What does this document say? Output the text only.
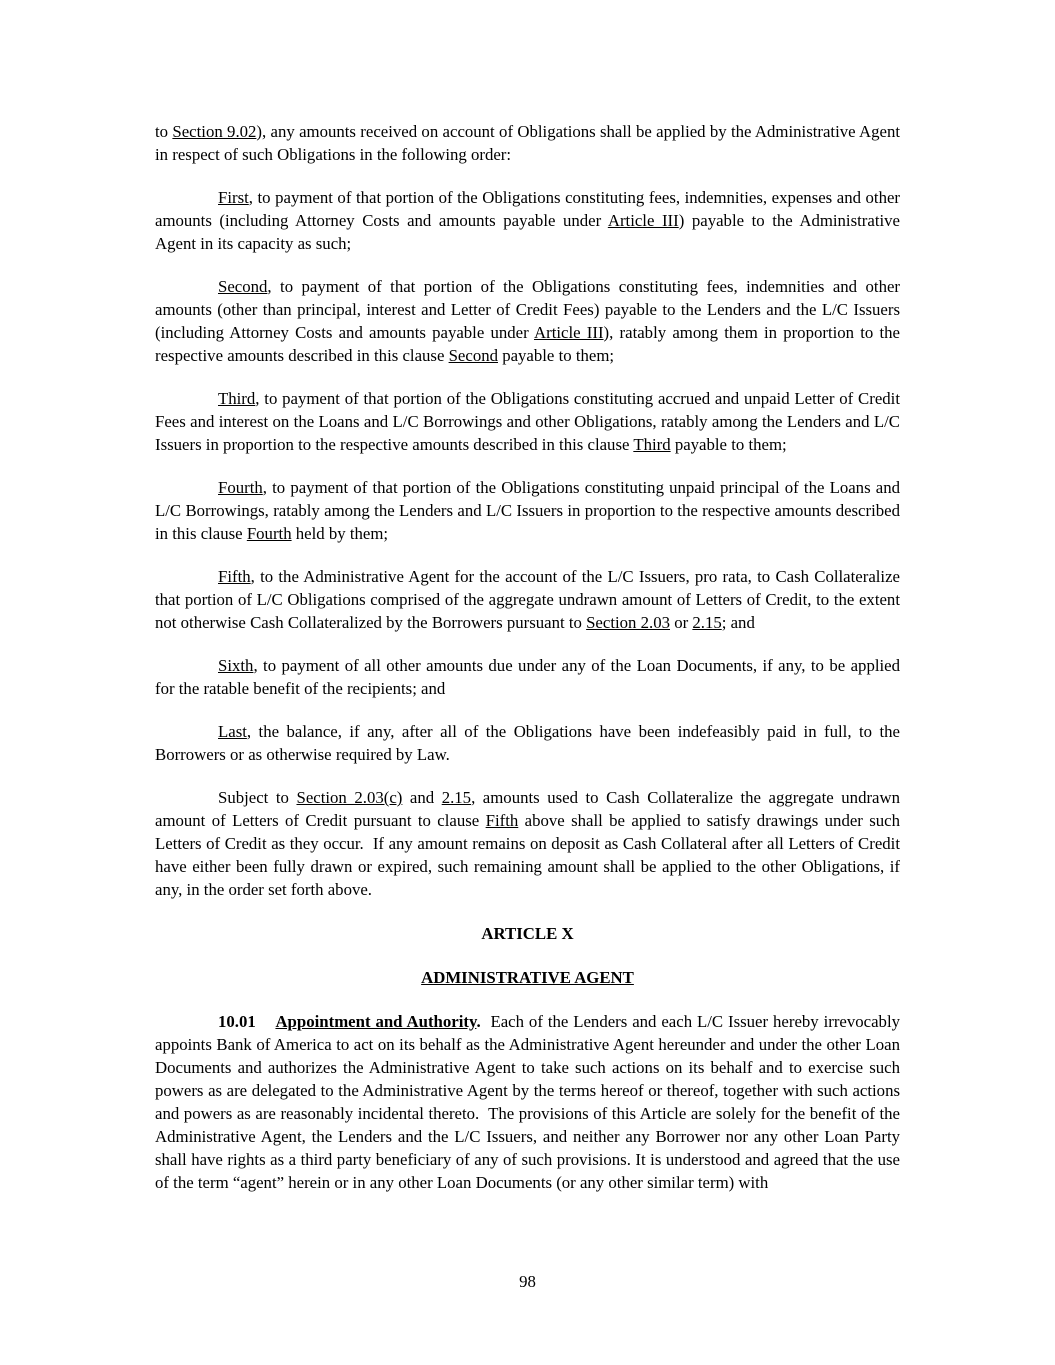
to Section 9.02), any amounts received on account of Obligations shall be applied by the Administrative Agent in respect of such Obligations in the following order:

First, to payment of that portion of the Obligations constituting fees, indemnities, expenses and other amounts (including Attorney Costs and amounts payable under Article III) payable to the Administrative Agent in its capacity as such;

Second, to payment of that portion of the Obligations constituting fees, indemnities and other amounts (other than principal, interest and Letter of Credit Fees) payable to the Lenders and the L/C Issuers (including Attorney Costs and amounts payable under Article III), ratably among them in proportion to the respective amounts described in this clause Second payable to them;

Third, to payment of that portion of the Obligations constituting accrued and unpaid Letter of Credit Fees and interest on the Loans and L/C Borrowings and other Obligations, ratably among the Lenders and L/C Issuers in proportion to the respective amounts described in this clause Third payable to them;

Fourth, to payment of that portion of the Obligations constituting unpaid principal of the Loans and L/C Borrowings, ratably among the Lenders and L/C Issuers in proportion to the respective amounts described in this clause Fourth held by them;

Fifth, to the Administrative Agent for the account of the L/C Issuers, pro rata, to Cash Collateralize that portion of L/C Obligations comprised of the aggregate undrawn amount of Letters of Credit, to the extent not otherwise Cash Collateralized by the Borrowers pursuant to Section 2.03 or 2.15; and

Sixth, to payment of all other amounts due under any of the Loan Documents, if any, to be applied for the ratable benefit of the recipients; and

Last, the balance, if any, after all of the Obligations have been indefeasibly paid in full, to the Borrowers or as otherwise required by Law.

Subject to Section 2.03(c) and 2.15, amounts used to Cash Collateralize the aggregate undrawn amount of Letters of Credit pursuant to clause Fifth above shall be applied to satisfy drawings under such Letters of Credit as they occur.  If any amount remains on deposit as Cash Collateral after all Letters of Credit have either been fully drawn or expired, such remaining amount shall be applied to the other Obligations, if any, in the order set forth above.

ARTICLE X
ADMINISTRATIVE AGENT

10.01 Appointment and Authority.  Each of the Lenders and each L/C Issuer hereby irrevocably appoints Bank of America to act on its behalf as the Administrative Agent hereunder and under the other Loan Documents and authorizes the Administrative Agent to take such actions on its behalf and to exercise such powers as are delegated to the Administrative Agent by the terms hereof or thereof, together with such actions and powers as are reasonably incidental thereto.  The provisions of this Article are solely for the benefit of the Administrative Agent, the Lenders and the L/C Issuers, and neither any Borrower nor any other Loan Party shall have rights as a third party beneficiary of any of such provisions. It is understood and agreed that the use of the term “agent” herein or in any other Loan Documents (or any other similar term) with

98
